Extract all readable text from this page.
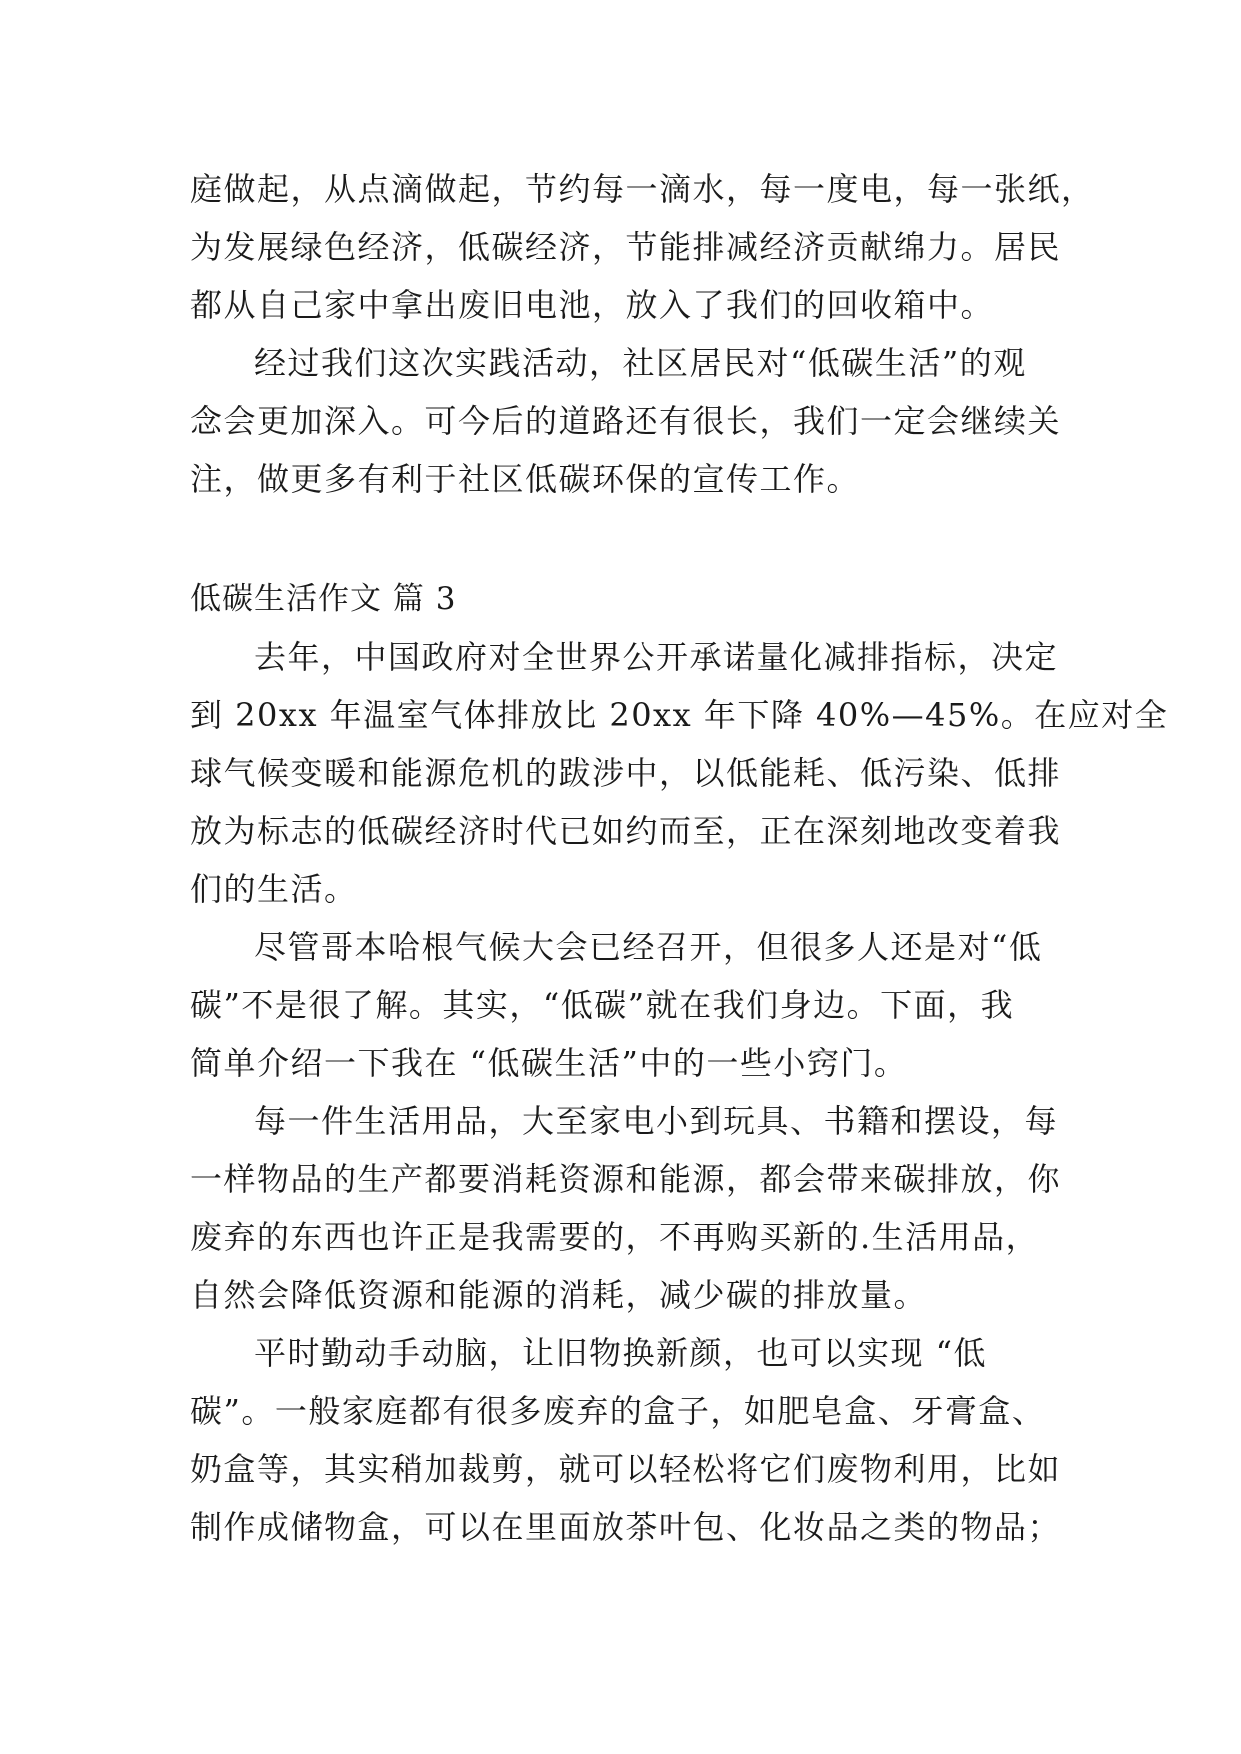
庭做起，从点滴做起，节约每一滴水，每一度电，每一张纸，
为发展绿色经济，低碳经济，节能排减经济贡献绵力。居民
都从自己家中拿出废旧电池，放入了我们的回收箱中。

经过我们这次实践活动，社区居民对“低碳生活”的观
念会更加深入。可今后的道路还有很长，我们一定会继续关
注，做更多有利于社区低碳环保的宣传工作。

低碳生活作文 篇 3

去年，中国政府对全世界公开承诺量化减排指标，决定
到 20xx 年温室气体排放比 20xx 年下降 40%—45%。在应对全
球气候变暖和能源危机的跋涉中，以低能耗、低污染、低排
放为标志的低碳经济时代已如约而至，正在深刻地改变着我
们的生活。

尽管哥本哈根气候大会已经召开，但很多人还是对“低
碳”不是很了解。其实，“低碳”就在我们身边。下面，我
简单介绍一下我在 “低碳生活”中的一些小窍门。

每一件生活用品，大至家电小到玩具、书籍和摆设，每
一样物品的生产都要消耗资源和能源，都会带来碳排放，你
废弃的东西也许正是我需要的，不再购买新的.生活用品，
自然会降低资源和能源的消耗，减少碳的排放量。

平时勤动手动脑，让旧物换新颜，也可以实现 “低
碳”。一般家庭都有很多废弃的盒子，如肥皂盒、牙膏盒、
奶盒等，其实稍加裁剪，就可以轻松将它们废物利用，比如
制作成储物盒，可以在里面放茶叶包、化妆品之类的物品；
